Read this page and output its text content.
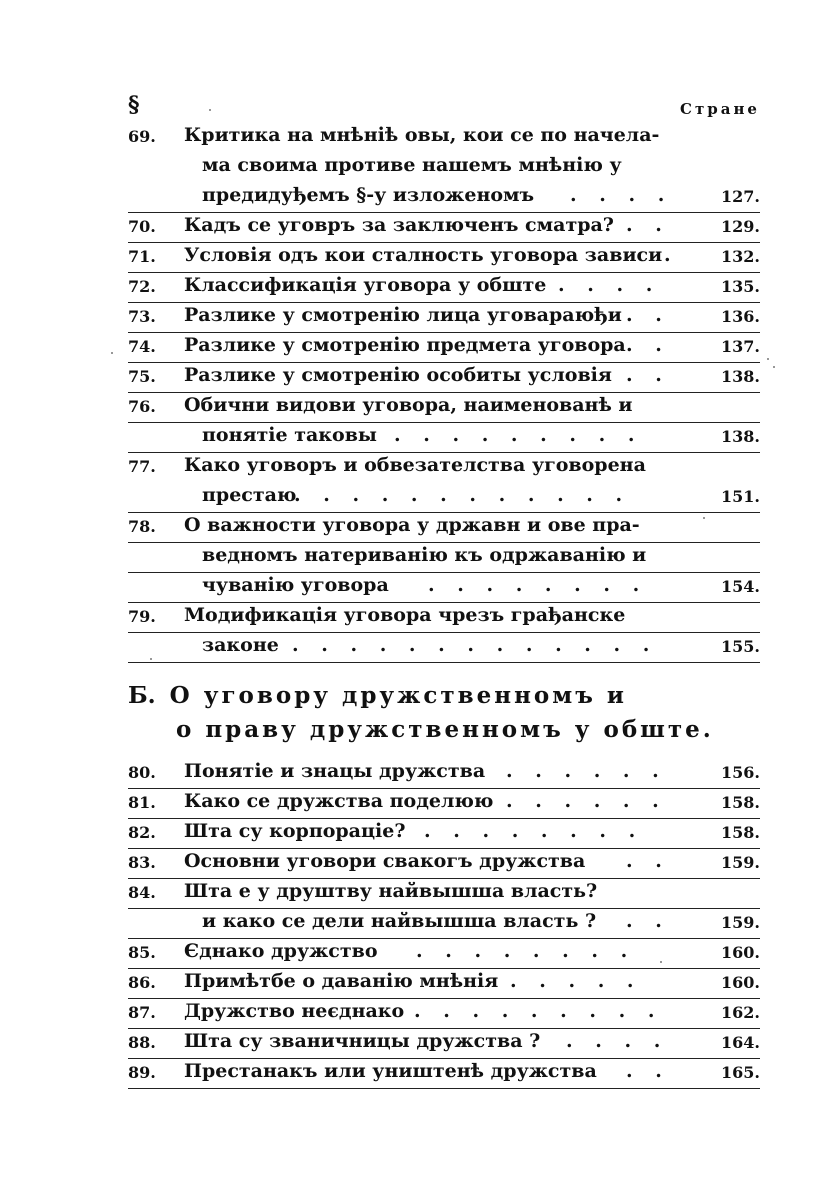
§	Стране
69. Критика на мнѣніѣ овы, кои се по начела-
ма своима противе нашемъ мнѣнію у
предидуђемъ §-у изложеномъ . . . .	127.
70. Кадъ се уговръ за заключенъ сматра? . .	129.
71. Условія одъ кои сталность уговора зависи .	132.
72. Классификація уговора у обште . . . .	135.
73. Разлике у смотренію лица уговараюђи . .	136.
74. Разлике у смотренію предмета уговора . .	137.
75. Разлике у смотренію особиты условія . .	138.
76. Обични видови уговора, наименованѣ и
понятіе таковы . . . . . . . . .	138.
77. Како уговоръ и обвезателства уговорена
престаю
. . . . . . . . . . . .	151.
78. О важности уговора у државн и ове пра-
ведномъ натериванію къ одржаванію и
чуванію уговора . . . . . . . .	154.
79. Модификація уговора чрезъ грађанске
законе . . . . . . . . . . . . .	155.
Б. О уговору дружственномъ и
о праву дружственномъ у обште.
80. Понятіе и знацы дружства . . . . . .	156.
81. Како се дружства поделюю . . . . . .	158.
82. Шта су корпораціе? . . . . . . . .	158.
83. Основни уговори свакогъ дружства . .	159.
84. Шта е у друштву найвышша власть?
и како се дели найвышша власть ? . .	159.
85. Єднако дружство . . . . . . . .	160.
86. Примѣтбе о даванію мнѣнія . . . . .	160.
87. Дружство неєднако . . . . . . . . .	162.
88. Шта су званичницы дружства ? . . . .	164.
89. Престанакъ или уништенѣ дружства . .	165.
